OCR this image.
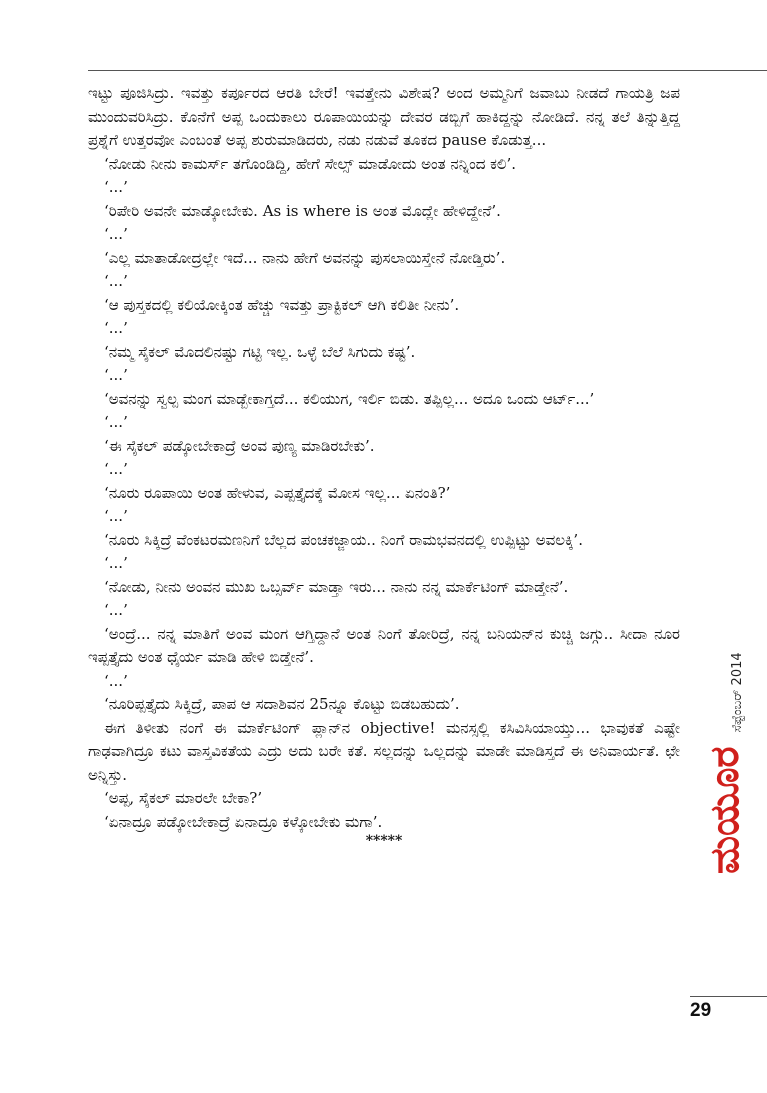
ಇಟ್ಟು ಪೂಜಿಸಿದ್ರು. ಇವತ್ತು ಕರ್ಪೂರದ ಆರತಿ ಬೇರೆ! ಇವತ್ತೇನು ವಿಶೇಷ? ಅಂದ ಅಮ್ಮನಿಗೆ ಜವಾಬು ನೀಡದೆ ಗಾಯತ್ರಿ ಜಪ ಮುಂದುವರಿಸಿದ್ರು. ಕೊನೆಗೆ ಅಪ್ಪ ಒಂದುಕಾಲು ರೂಪಾಯಿಯನ್ನು ದೇವರ ಡಬ್ಬಿಗೆ ಹಾಕಿದ್ದನ್ನು ನೋಡಿದೆ. ನನ್ನ ತಲೆ ತಿನ್ನುತ್ತಿದ್ದ ಪ್ರಶ್ನೆಗೆ ಉತ್ತರವೋ ಎಂಬಂತೆ ಅಪ್ಪ ಶುರುಮಾಡಿದರು, ನಡು ನಡುವೆ ತೂಕದ pause ಕೊಡುತ್ತ...

‘ನೋಡು ನೀನು ಕಾಮರ್ಸ್ ತಗೊಂಡಿದ್ದಿ, ಹೇಗೆ ಸೇಲ್ಸ್ ಮಾಡೋದು ಅಂತ ನನ್ನಿಂದ ಕಲಿ’.

‘...’

‘ರಿಪೇರಿ ಅವನೇ ಮಾಡ್ಕೋಬೇಕು. As is where is ಅಂತ ಮೊದ್ಲೇ ಹೇಳಿದ್ದೇನೆ’.

‘...’

‘ಎಲ್ಲ ಮಾತಾಡೋದ್ರಲ್ಲೇ ಇದೆ... ನಾನು ಹೇಗೆ ಅವನನ್ನು ಪುಸಲಾಯಿಸ್ತೇನೆ ನೋಡ್ತಿರು’.

‘...’

‘ಆ ಪುಸ್ತಕದಲ್ಲಿ ಕಲಿಯೋಕ್ಕಿಂತ ಹೆಚ್ಚು ಇವತ್ತು ಪ್ರಾಕ್ಟಿಕಲ್ ಆಗಿ ಕಲಿತೀ ನೀನು’.

‘...’

‘ನಮ್ಮ ಸೈಕಲ್ ಮೊದಲಿನಷ್ಟು ಗಟ್ಟಿ ಇಲ್ಲ. ಒಳ್ಳೆ ಬೆಲೆ ಸಿಗುದು ಕಷ್ಟ’.

‘...’

‘ಅವನನ್ನು ಸ್ವಲ್ಪ ಮಂಗ ಮಾಡ್ಬೇಕಾಗ್ತದೆ... ಕಲಿಯುಗ, ಇರ್ಲಿ ಬಿಡು. ತಪ್ಪಿಲ್ಲ... ಅದೂ ಒಂದು ಆರ್ಟ್...’

‘...’

‘ಈ ಸೈಕಲ್ ಪಡ್ಕೋಬೇಕಾದ್ರೆ ಅಂವ ಪುಣ್ಯ ಮಾಡಿರಬೇಕು’.

‘...’

‘ನೂರು ರೂಪಾಯಿ ಅಂತ ಹೇಳುವ, ಎಪ್ಪತ್ತೈದಕ್ಕೆ ಮೋಸ ಇಲ್ಲ... ಏನಂತಿ?’

‘...’

‘ನೂರು ಸಿಕ್ಕಿದ್ರೆ ವೆಂಕಟರಮಣನಿಗೆ ಬೆಲ್ಲದ ಪಂಚಕಜ್ಜಾಯ.. ನಿಂಗೆ ರಾಮಭವನದಲ್ಲಿ ಉಪ್ಪಿಟ್ಟು ಅವಲಕ್ಕಿ’.

‘...’

‘ನೋಡು, ನೀನು ಅಂವನ ಮುಖ ಒಬ್ಸರ್ವ್ ಮಾಡ್ತಾ ಇರು... ನಾನು ನನ್ನ ಮಾರ್ಕೆಟಿಂಗ್ ಮಾಡ್ತೇನೆ’.

‘...’

‘ಅಂದ್ರೆ... ನನ್ನ ಮಾತಿಗೆ ಅಂವ ಮಂಗ ಆಗ್ತಿದ್ದಾನೆ ಅಂತ ನಿಂಗೆ ತೋರಿದ್ರೆ, ನನ್ನ ಬನಿಯನ್‌ನ ಕುಚ್ಚಿ ಜಗ್ಗು.. ಸೀದಾ ನೂರ ಇಪ್ಪತ್ತೈದು ಅಂತ ಧೈರ್ಯ ಮಾಡಿ ಹೇಳಿ ಬಿಡ್ತೇನೆ’.

‘...’

‘ನೂರಿಪ್ಪತ್ತೈದು ಸಿಕ್ಕಿದ್ರೆ, ಪಾಪ ಆ ಸದಾಶಿವನ 25ನ್ನೂ ಕೊಟ್ಟು ಬಿಡಬಹುದು’.

ಈಗ ತಿಳೀತು ನಂಗೆ ಈ ಮಾರ್ಕೆಟಿಂಗ್ ಪ್ಲಾನ್‌ನ objective! ಮನಸ್ಸಲ್ಲಿ ಕಸಿವಿಸಿಯಾಯ್ತು... ಭಾವುಕತೆ ಎಷ್ಟೇ ಗಾಢವಾಗಿದ್ರೂ ಕಟು ವಾಸ್ತವಿಕತೆಯ ಎದ್ರು ಅದು ಬರೇ ಕತೆ. ಸಲ್ಲದನ್ನು ಒಲ್ಲದನ್ನು ಮಾಡೇ ಮಾಡಿಸ್ತದೆ ಈ ಅನಿವಾರ್ಯತೆ. ಛೇ ಅನ್ನಿಸ್ತು.

‘ಅಪ್ಪ, ಸೈಕಲ್ ಮಾರಲೇ ಬೇಕಾ?’

‘ಏನಾದ್ರೂ ಪಡ್ಕೋಬೇಕಾದ್ರೆ ಏನಾದ್ರೂ ಕಳ್ಕೋಬೇಕು ಮಗಾ’.

*****	ಮಯೂರ
ಸೆಪ್ಟೆಂಬರ್ 2014
29
